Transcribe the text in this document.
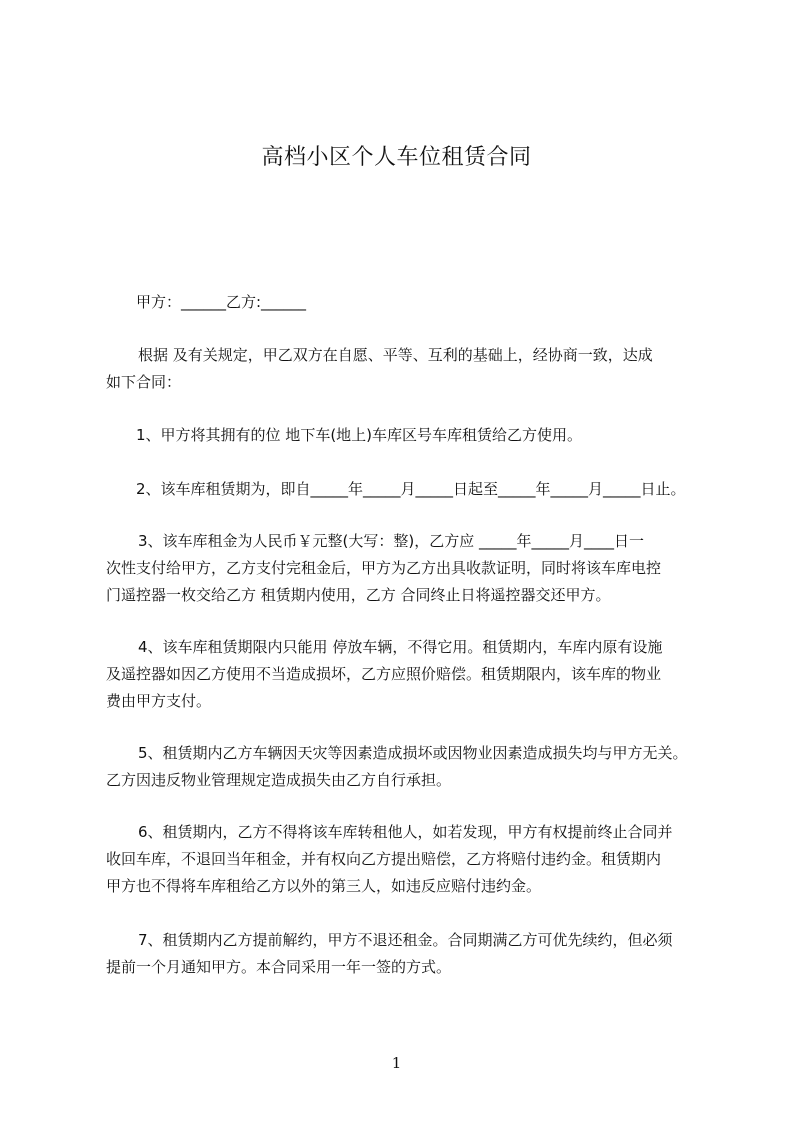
高档小区个人车位租赁合同
甲方：______乙方:______
根据 及有关规定，甲乙双方在自愿、平等、互利的基础上，经协商一致，达成
如下合同：
1、甲方将其拥有的位 地下车(地上)车库区号车库租赁给乙方使用。
2、该车库租赁期为，即自_____年_____月_____日起至_____年_____月_____日止。
3、该车库租金为人民币￥元整(大写：整)，乙方应 _____年_____月____日一
次性支付给甲方，乙方支付完租金后，甲方为乙方出具收款证明，同时将该车库电控
门遥控器一枚交给乙方 租赁期内使用，乙方 合同终止日将遥控器交还甲方。
4、该车库租赁期限内只能用 停放车辆，不得它用。租赁期内，车库内原有设施
及遥控器如因乙方使用不当造成损坏，乙方应照价赔偿。租赁期限内，该车库的物业
费由甲方支付。
5、租赁期内乙方车辆因天灾等因素造成损坏或因物业因素造成损失均与甲方无关。
乙方因违反物业管理规定造成损失由乙方自行承担。
6、租赁期内，乙方不得将该车库转租他人，如若发现，甲方有权提前终止合同并
收回车库，不退回当年租金，并有权向乙方提出赔偿，乙方将赔付违约金。租赁期内
甲方也不得将车库租给乙方以外的第三人，如违反应赔付违约金。
7、租赁期内乙方提前解约，甲方不退还租金。合同期满乙方可优先续约，但必须
提前一个月通知甲方。本合同采用一年一签的方式。
1
